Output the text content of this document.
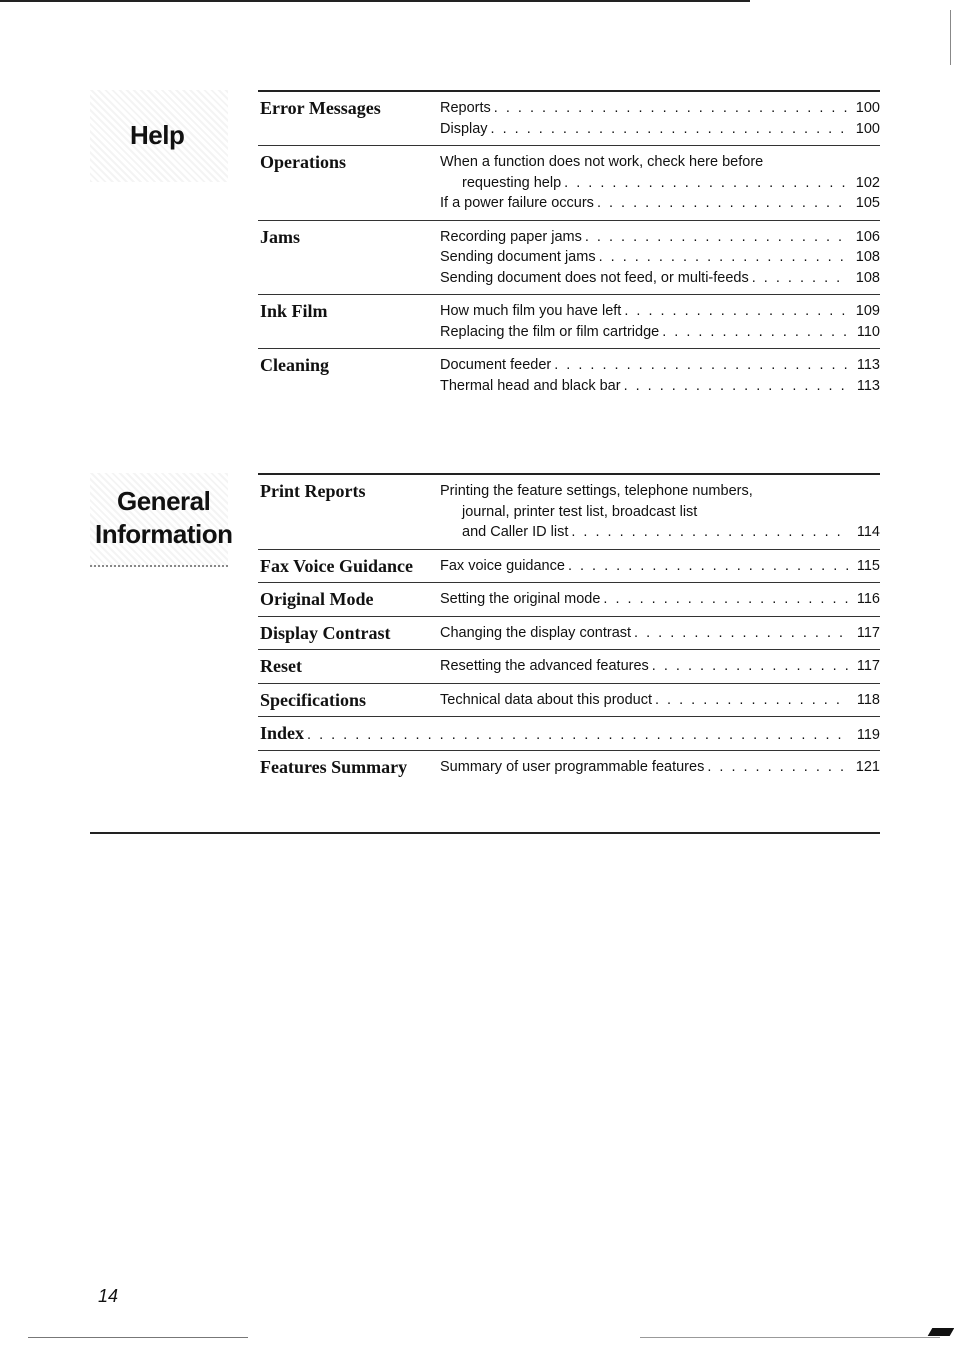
Help
Error Messages	Reports . . .	100
Display . . .	100
Operations	When a function does not work, check here before
requesting help . . .	102
If a power failure occurs . . .	105
Jams	Recording paper jams . . .	106
Sending document jams . . .	108
Sending document does not feed, or multi-feeds . . .	108
Ink Film	How much film you have left . . .	109
Replacing the film or film cartridge . . .	110
Cleaning	Document feeder . . .	113
Thermal head and black bar . . .	113
General
Information
Print Reports	Printing the feature settings, telephone numbers,
journal, printer test list, broadcast list
and Caller ID list . . .	114
Fax Voice Guidance	Fax voice guidance . . .	115
Original Mode	Setting the original mode . . .	116
Display Contrast	Changing the display contrast . . .	117
Reset	Resetting the advanced features . . .	117
Specifications	Technical data about this product . . .	118
Index . . .	119
Features Summary	Summary of user programmable features . . .	121
14
